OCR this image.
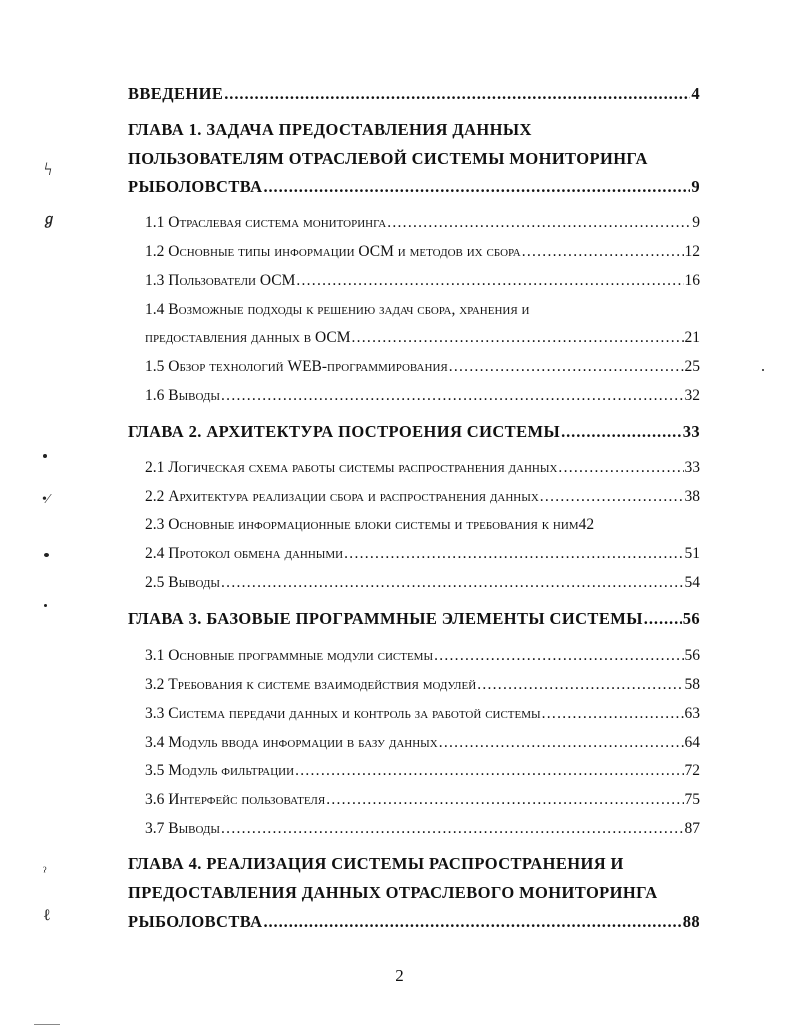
ВВЕДЕНИЕ . . .	4
ГЛАВА 1. ЗАДАЧА ПРЕДОСТАВЛЕНИЯ ДАННЫХ
ПОЛЬЗОВАТЕЛЯМ ОТРАСЛЕВОЙ СИСТЕМЫ МОНИТОРИНГА
РЫБОЛОВСТВА . . .	9
1.1 Отраслевая система мониторинга . . .	9
1.2 Основные типы информации ОСМ и методов их сбора . . .	12
1.3 Пользователи ОСМ . . .	16
1.4 Возможные подходы к решению задач сбора, хранения и
предоставления данных в ОСМ . . .	21
1.5 Обзор технологий WEB-программирования . . .	25
1.6 Выводы . . .	32
ГЛАВА 2. АРХИТЕКТУРА ПОСТРОЕНИЯ СИСТЕМЫ . . .	33
2.1 Логическая схема работы системы распространения данных . . .	33
2.2 Архитектура реализации сбора и распространения данных . . .	38
2.3 Основные информационные блоки системы и требования к ним 42
2.4 Протокол обмена данными . . .	51
2.5 Выводы . . .	54
ГЛАВА 3. БАЗОВЫЕ ПРОГРАММНЫЕ ЭЛЕМЕНТЫ СИСТЕМЫ . . . 56
3.1 Основные программные модули системы . . .	56
3.2 Требования к системе взаимодействия модулей . . .	58
3.3 Система передачи данных и контроль за работой системы . . .	63
3.4 Модуль ввода информации в базу данных . . .	64
3.5 Модуль фильтрации . . .	72
3.6 Интерфейс пользователя . . .	75
3.7 Выводы . . .	87
ГЛАВА 4. РЕАЛИЗАЦИЯ СИСТЕМЫ РАСПРОСТРАНЕНИЯ И
ПРЕДОСТАВЛЕНИЯ ДАННЫХ ОТРАСЛЕВОГО МОНИТОРИНГА
РЫБОЛОВСТВА . . .	88
2
ϟ
ℊ
•⁄
ˀ
ℓ
